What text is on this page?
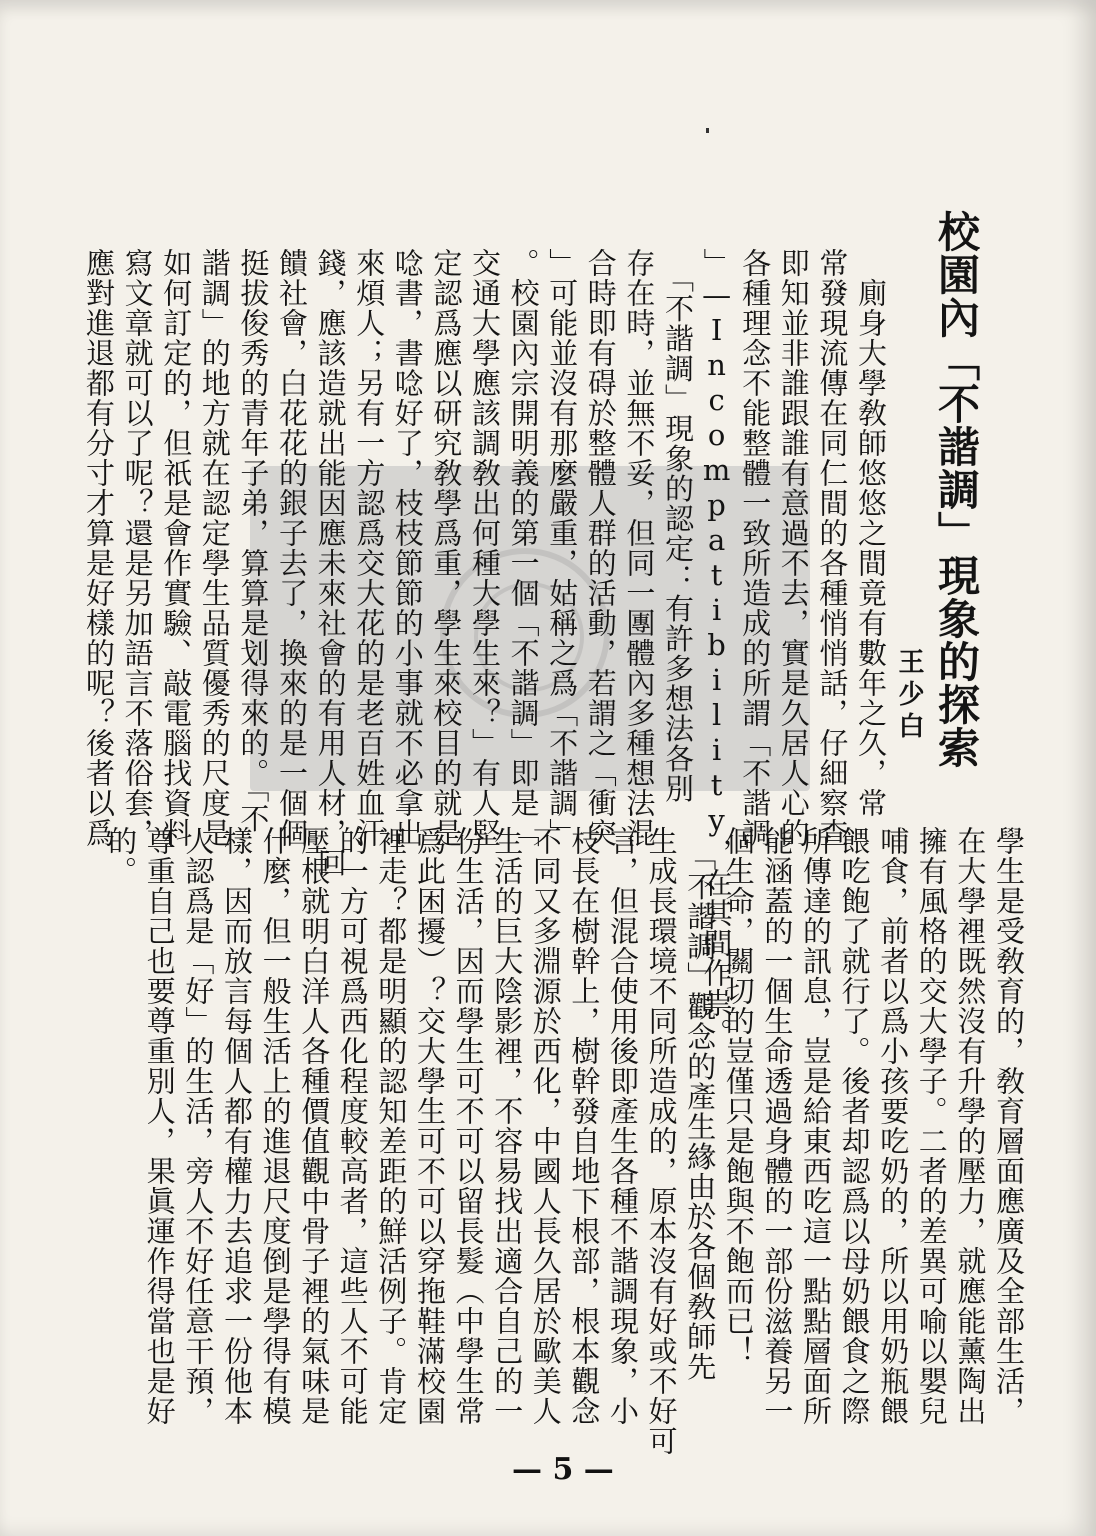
校園內「不諧調」現象的探索
王少白
　廁身大學敎師悠悠之間竟有數年之久，常
常發現流傳在同仁間的各種悄悄話，仔細察查
即知並非誰跟誰有意過不去，實是久居人心的
各種理念不能整體一致所造成的所謂「不諧調
」—Incompatibility，在其間作祟。
　「不諧調」現象的認定：有許多想法各別
存在時，並無不妥，但同一團體內多種想法混
合時即有碍於整體人群的活動，若謂之「衝突
」可能並沒有那麼嚴重，姑稱之爲「不諧調」
。校園內宗開明義的第一個「不諧調」即是「
交通大學應該調敎出何種大學生來？」有人堅
定認爲應以研究敎學爲重，學生來校目的就是
唸書，書唸好了，枝枝節節的小事就不必拿出
來煩人；另有一方認爲交大花的是老百姓血汗
錢，應該造就出能因應未來社會的有用人材，回
饋社會，白花花的銀子去了，換來的是一個個
挺拔俊秀的青年子弟，算算是划得來的。「不
諧調」的地方就在認定學生品質優秀的尺度是
如何訂定的，但祇是會作實驗、敲電腦找資料
寫文章就可以了呢？還是另加語言不落俗套，
應對進退都有分寸才算是好樣的呢？後者以爲
學生是受敎育的，敎育層面應廣及全部生活，
在大學裡既然沒有升學的壓力，就應能薰陶出
擁有風格的交大學子。二者的差異可喻以嬰兒
哺食，前者以爲小孩要吃奶的，所以用奶瓶餵
餵吃飽了就行了。後者却認爲以母奶餵食之際
所傳達的訊息，豈是給東西吃這一點點層面所
能涵蓋的一個生命透過身體的一部份滋養另一
個生命，關切的豈僅只是飽與不飽而已！
　「不諧調」觀念的產生緣由於各個敎師先
生成長環境不同所造成的，原本沒有好或不好可
言，但混合使用後即產生各種不諧調現象，小
枝長在樹幹上，樹幹發自地下根部，根本觀念
不同又多淵源於西化，中國人長久居於歐美人
生活的巨大陰影裡，不容易找出適合自己的一
份生活，因而學生可不可以留長髮（中學生常
爲此困擾）？交大學生可不可以穿拖鞋滿校園
裡走？都是明顯的認知差距的鮮活例子。肯定
的一方可視爲西化程度較高者，這些人不可能
壓根就明白洋人各種價值觀中骨子裡的氣味是
什麼，但一般生活上的進退尺度倒是學得有模
樣，因而放言每個人都有權力去追求一份他本
人認爲是「好」的生活，旁人不好任意干預，
尊重自己也要尊重別人，果眞運作得當也是好
的。
— 5 —
